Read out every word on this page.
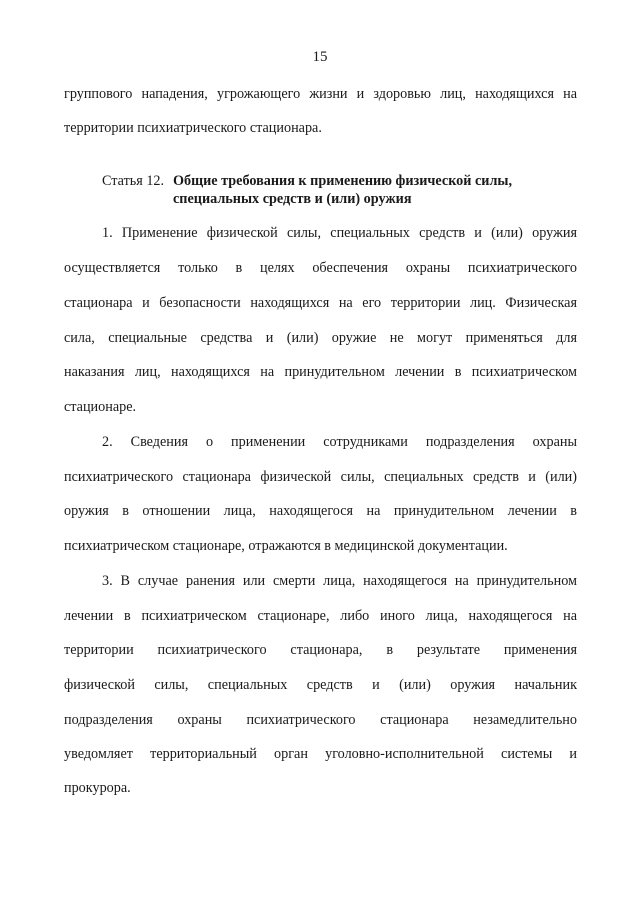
15

группового нападения, угрожающего жизни и здоровью лиц, находящихся на

территории психиатрического стационара.

Статья 12. Общие требования к применению физической силы,
специальных средств и (или) оружия

1. Применение физической силы, специальных средств и (или) оружия

осуществляется только в целях обеспечения охраны психиатрического

стационара и безопасности находящихся на его территории лиц. Физическая

сила, специальные средства и (или) оружие не могут применяться для

наказания лиц, находящихся на принудительном лечении в психиатрическом

стационаре.

2. Сведения о применении сотрудниками подразделения охраны

психиатрического стационара физической силы, специальных средств и (или)

оружия в отношении лица, находящегося на принудительном лечении в

психиатрическом стационаре, отражаются в медицинской документации.

3. В случае ранения или смерти лица, находящегося на принудительном

лечении в психиатрическом стационаре, либо иного лица, находящегося на

территории психиатрического стационара, в результате применения

физической силы, специальных средств и (или) оружия начальник

подразделения охраны психиатрического стационара незамедлительно

уведомляет территориальный орган уголовно-исполнительной системы и

прокурора.
